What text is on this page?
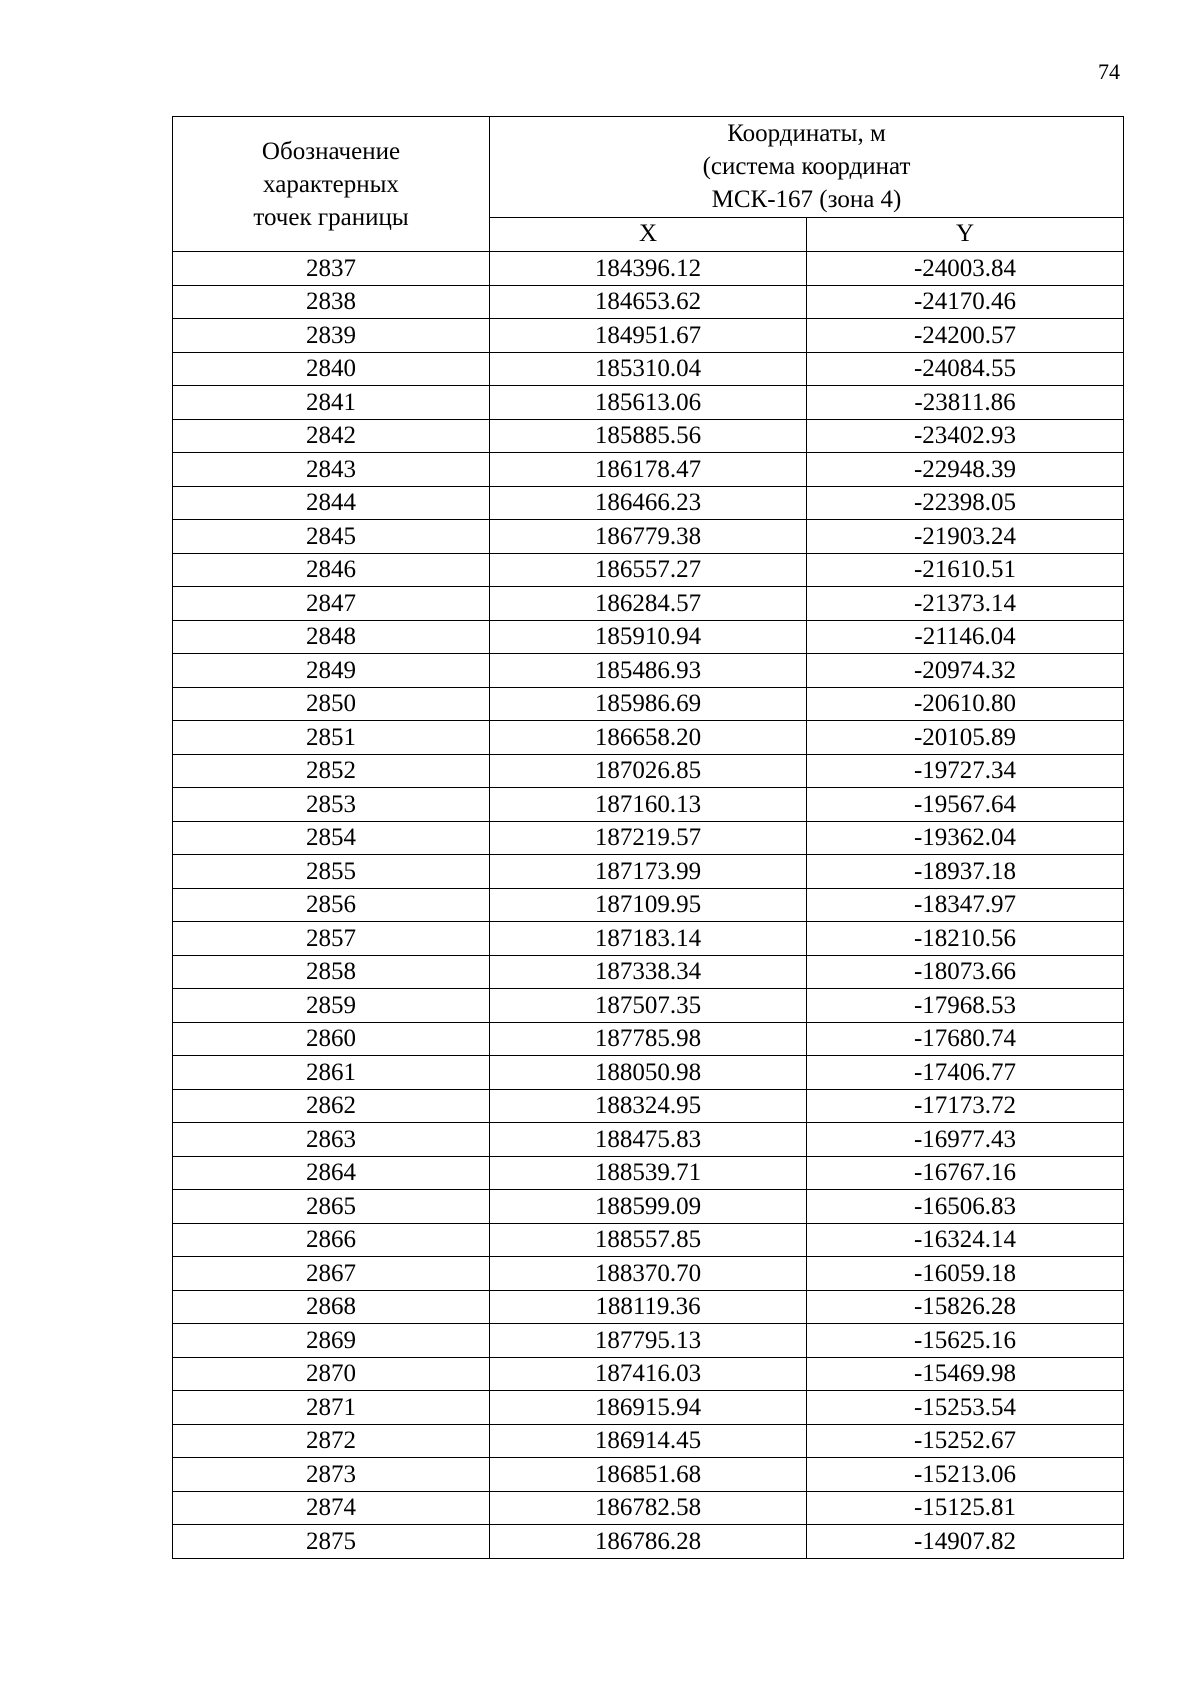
74
Обозначение
характерных
точек границы	Координаты, м
(система координат
МСК-167 (зона 4)	

	X	Y
2837	184396.12	-24003.84
2838	184653.62	-24170.46
2839	184951.67	-24200.57
2840	185310.04	-24084.55
2841	185613.06	-23811.86
2842	185885.56	-23402.93
2843	186178.47	-22948.39
2844	186466.23	-22398.05
2845	186779.38	-21903.24
2846	186557.27	-21610.51
2847	186284.57	-21373.14
2848	185910.94	-21146.04
2849	185486.93	-20974.32
2850	185986.69	-20610.80
2851	186658.20	-20105.89
2852	187026.85	-19727.34
2853	187160.13	-19567.64
2854	187219.57	-19362.04
2855	187173.99	-18937.18
2856	187109.95	-18347.97
2857	187183.14	-18210.56
2858	187338.34	-18073.66
2859	187507.35	-17968.53
2860	187785.98	-17680.74
2861	188050.98	-17406.77
2862	188324.95	-17173.72
2863	188475.83	-16977.43
2864	188539.71	-16767.16
2865	188599.09	-16506.83
2866	188557.85	-16324.14
2867	188370.70	-16059.18
2868	188119.36	-15826.28
2869	187795.13	-15625.16
2870	187416.03	-15469.98
2871	186915.94	-15253.54
2872	186914.45	-15252.67
2873	186851.68	-15213.06
2874	186782.58	-15125.81
2875	186786.28	-14907.82
